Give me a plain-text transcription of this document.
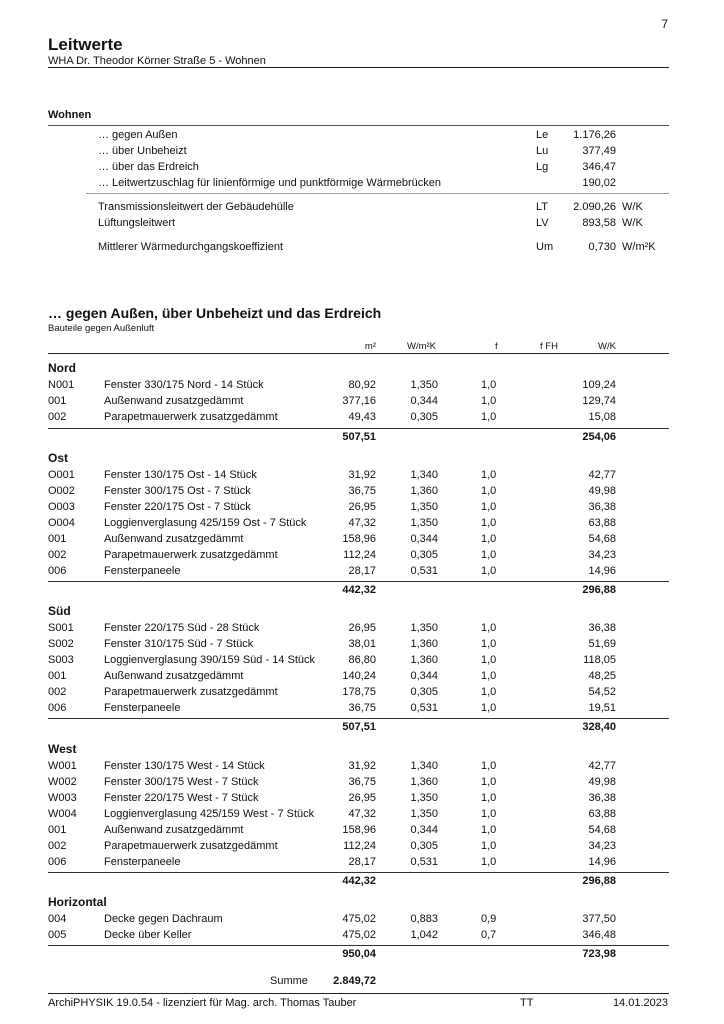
7
Leitwerte
WHA Dr. Theodor Körner Straße 5 - Wohnen
Wohnen
… gegen Außen	Le 1.176,26
… über Unbeheizt	Lu	377,49
… über das Erdreich	Lg	346,47
… Leitwertzuschlag für linienförmige und punktförmige Wärmebrücken	190,02
Transmissionsleitwert der Gebäudehülle	LT 2.090,26 W/K
Lüftungsleitwert	LV	893,58 W/K
Mittlerer Wärmedurchgangskoeffizient	Um	0,730 W/m²K
… gegen Außen, über Unbeheizt und das Erdreich
Bauteile gegen Außenluft
m²	W/m²K	f	f FH	W/K
Nord
N001	Fenster 330/175 Nord - 14 Stück	80,92	1,350	1,0	109,24
001	Außenwand zusatzgedämmt	377,16	0,344	1,0	129,74
002	Parapetmauerwerk zusatzgedämmt	49,43	0,305	1,0	15,08
507,51	254,06
Ost
O001	Fenster 130/175 Ost - 14 Stück	31,92	1,340	1,0	42,77
O002	Fenster 300/175 Ost - 7 Stück	36,75	1,360	1,0	49,98
O003	Fenster 220/175 Ost - 7 Stück	26,95	1,350	1,0	36,38
O004	Loggienverglasung 425/159 Ost - 7 Stück	47,32	1,350	1,0	63,88
001	Außenwand zusatzgedämmt	158,96	0,344	1,0	54,68
002	Parapetmauerwerk zusatzgedämmt	112,24	0,305	1,0	34,23
006	Fensterpaneele	28,17	0,531	1,0	14,96
442,32	296,88
Süd
S001	Fenster 220/175 Süd - 28 Stück	26,95	1,350	1,0	36,38
S002	Fenster 310/175 Süd - 7 Stück	38,01	1,360	1,0	51,69
S003	Loggienverglasung 390/159 Süd - 14 Stück	86,80	1,360	1,0	118,05
001	Außenwand zusatzgedämmt	140,24	0,344	1,0	48,25
002	Parapetmauerwerk zusatzgedämmt	178,75	0,305	1,0	54,52
006	Fensterpaneele	36,75	0,531	1,0	19,51
507,51	328,40
West
W001 Fenster 130/175 West - 14 Stück	31,92	1,340	1,0	42,77
W002 Fenster 300/175 West - 7 Stück	36,75	1,360	1,0	49,98
W003 Fenster 220/175 West - 7 Stück	26,95	1,350	1,0	36,38
W004 Loggienverglasung 425/159 West - 7 Stück	47,32	1,350	1,0	63,88
001	Außenwand zusatzgedämmt	158,96	0,344	1,0	54,68
002	Parapetmauerwerk zusatzgedämmt	112,24	0,305	1,0	34,23
006	Fensterpaneele	28,17	0,531	1,0	14,96
442,32	296,88
Horizontal
004	Decke gegen Dachraum	475,02	0,883	0,9	377,50
005	Decke über Keller	475,02	1,042	0,7	346,48
950,04	723,98
Summe 2.849,72
ArchiPHYSIK 19.0.54 - lizenziert für Mag. arch. Thomas Tauber	TT	14.01.2023
